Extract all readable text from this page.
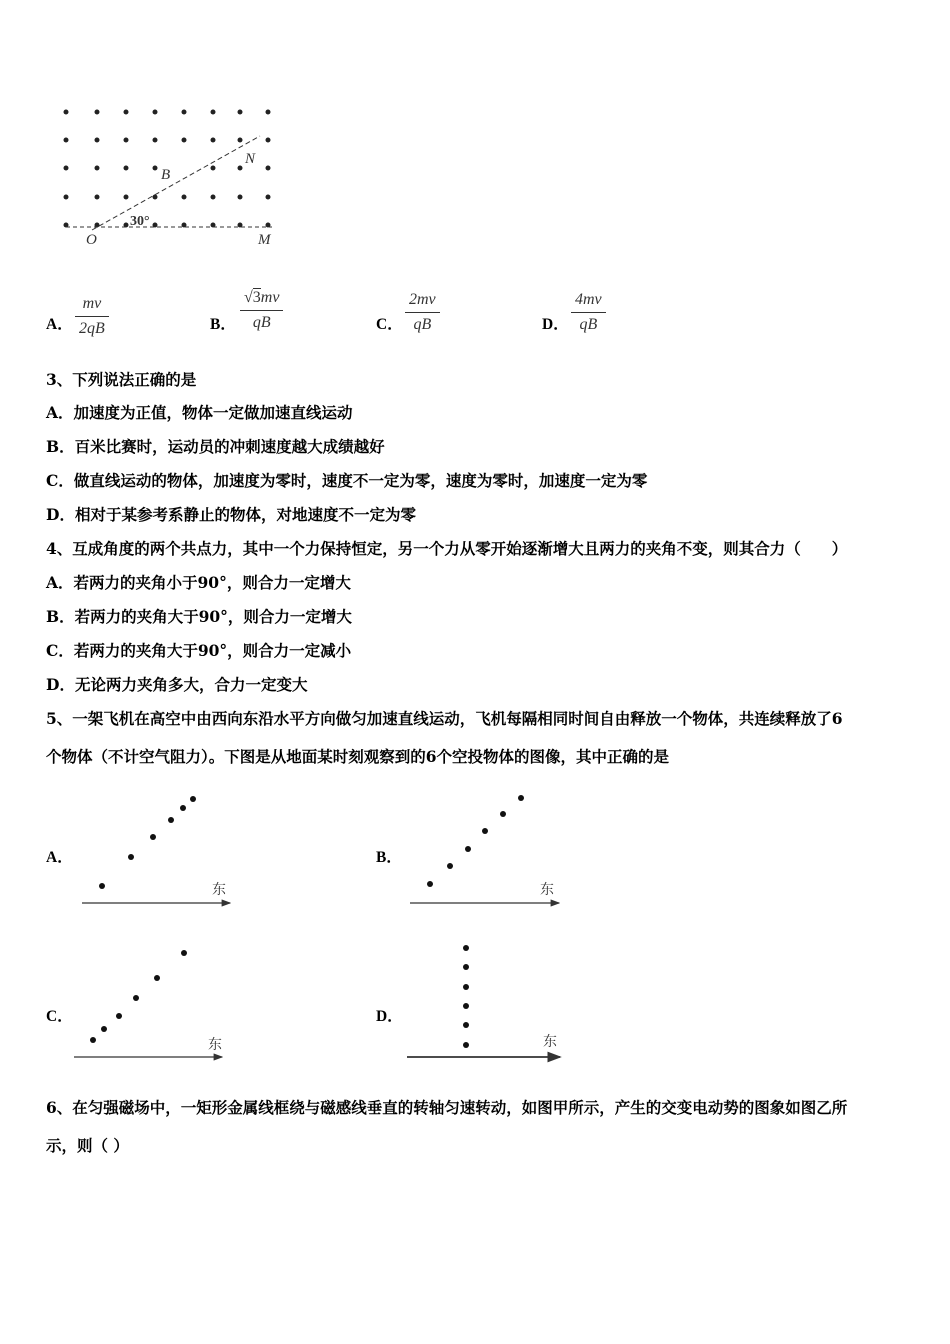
N
B
O	M
30°
A．
mv
2qB	B．
√3mv
qB	C．
2mv
qB	D．
4mv
qB
3、下列说法正确的是
A．加速度为正值，物体一定做加速直线运动
B．百米比赛时，运动员的冲刺速度越大成绩越好
C．做直线运动的物体，加速度为零时，速度不一定为零，速度为零时，加速度一定为零
D．相对于某参考系静止的物体，对地速度不一定为零
4、互成角度的两个共点力，其中一个力保持恒定，另一个力从零开始逐渐增大且两力的夹角不变，则其合力（　　）
A．若两力的夹角小于90°，则合力一定增大
B．若两力的夹角大于90°，则合力一定增大
C．若两力的夹角大于90°，则合力一定减小
D．无论两力夹角多大，合力一定变大
5、一架飞机在高空中由西向东沿水平方向做匀加速直线运动，飞机每隔相同时间自由释放一个物体，共连续释放了6
个物体（不计空气阻力）。下图是从地面某时刻观察到的6个空投物体的图像，其中正确的是
A．	B．
C．	D．
东	东
东	东
6、在匀强磁场中，一矩形金属线框绕与磁感线垂直的转轴匀速转动，如图甲所示，产生的交变电动势的图象如图乙所
示，则（ ）
